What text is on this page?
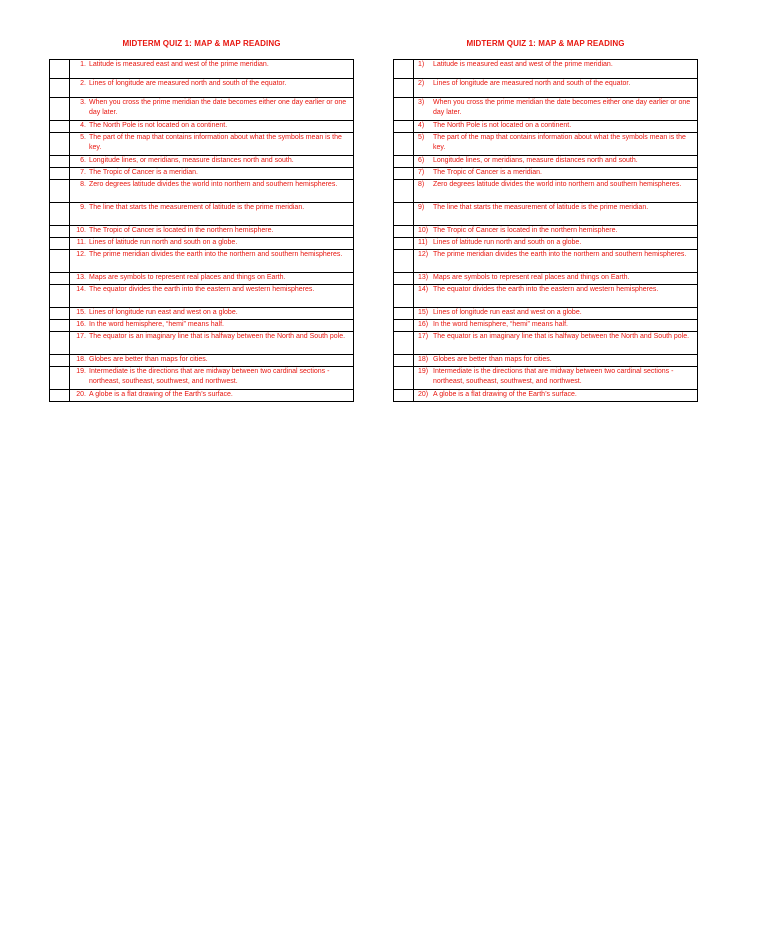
MIDTERM QUIZ 1: MAP & MAP READING

	1. Latitude is measured east and west of the prime meridian.

	2. Lines of longitude are measured north and south of the equator.

	3. When you cross the prime meridian the date becomes either one day earlier or one day later.

	4. The North Pole is not located on a continent.

	5. The part of the map that contains information about what the symbols mean is the key.

	6. Longitude lines, or meridians, measure distances north and south.

	7. The Tropic of Cancer is a meridian.

	8. Zero degrees latitude divides the world into northern and southern hemispheres.

	9. The line that starts the measurement of latitude is the prime meridian.

	10. The Tropic of Cancer is located in the northern hemisphere.

	11. Lines of latitude run north and south on a globe.

	12. The prime meridian divides the earth into the northern and southern hemispheres.

	13. Maps are symbols to represent real places and things on Earth.

	14. The equator divides the earth into the eastern and western hemispheres.

	15. Lines of longitude run east and west on a globe.

	16. In the word hemisphere, “hemi” means half.

	17. The equator is an imaginary line that is halfway between the North and South pole.

	18. Globes are better than maps for cities.

	19. Intermediate is the directions that are midway between two cardinal sections - northeast, southeast, southwest, and northwest.

	20. A globe is a flat drawing of the Earth’s surface.
MIDTERM QUIZ 1: MAP & MAP READING

	1) Latitude is measured east and west of the prime meridian.

	2) Lines of longitude are measured north and south of the equator.

	3) When you cross the prime meridian the date becomes either one day earlier or one day later.

	4) The North Pole is not located on a continent.

	5) The part of the map that contains information about what the symbols mean is the key.

	6) Longitude lines, or meridians, measure distances north and south.

	7) The Tropic of Cancer is a meridian.

	8) Zero degrees latitude divides the world into northern and southern hemispheres.

	9) The line that starts the measurement of latitude is the prime meridian.

	10) The Tropic of Cancer is located in the northern hemisphere.

	11) Lines of latitude run north and south on a globe.

	12) The prime meridian divides the earth into the northern and southern hemispheres.

	13) Maps are symbols to represent real places and things on Earth.

	14) The equator divides the earth into the eastern and western hemispheres.

	15) Lines of longitude run east and west on a globe.

	16) In the word hemisphere, “hemi” means half.

	17) The equator is an imaginary line that is halfway between the North and South pole.

	18) Globes are better than maps for cities.

	19) Intermediate is the directions that are midway between two cardinal sections - northeast, southeast, southwest, and northwest.

	20) A globe is a flat drawing of the Earth’s surface.
